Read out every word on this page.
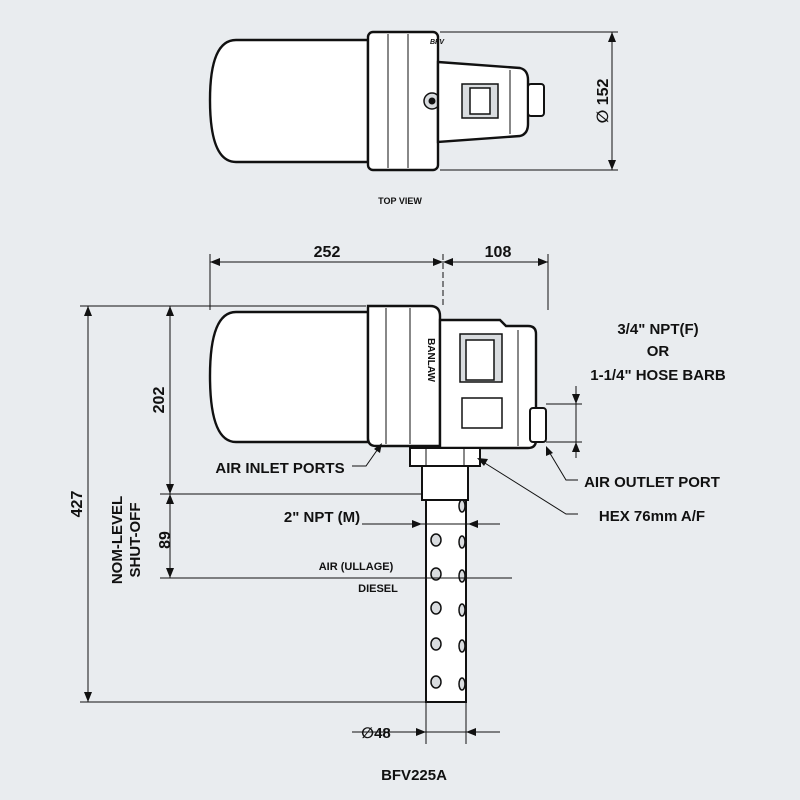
BFV
∅ 152
TOP VIEW
252	108
BANLAW
427
202
89
NOM-LEVEL SHUT-OFF	AIR (ULLAGE)
DIESEL
2" NPT (M)
∅48
3/4" NPT(F)
OR
1-1/4" HOSE BARB
AIR INLET PORTS
AIR OUTLET PORT
HEX 76mm A/F
BFV225A
